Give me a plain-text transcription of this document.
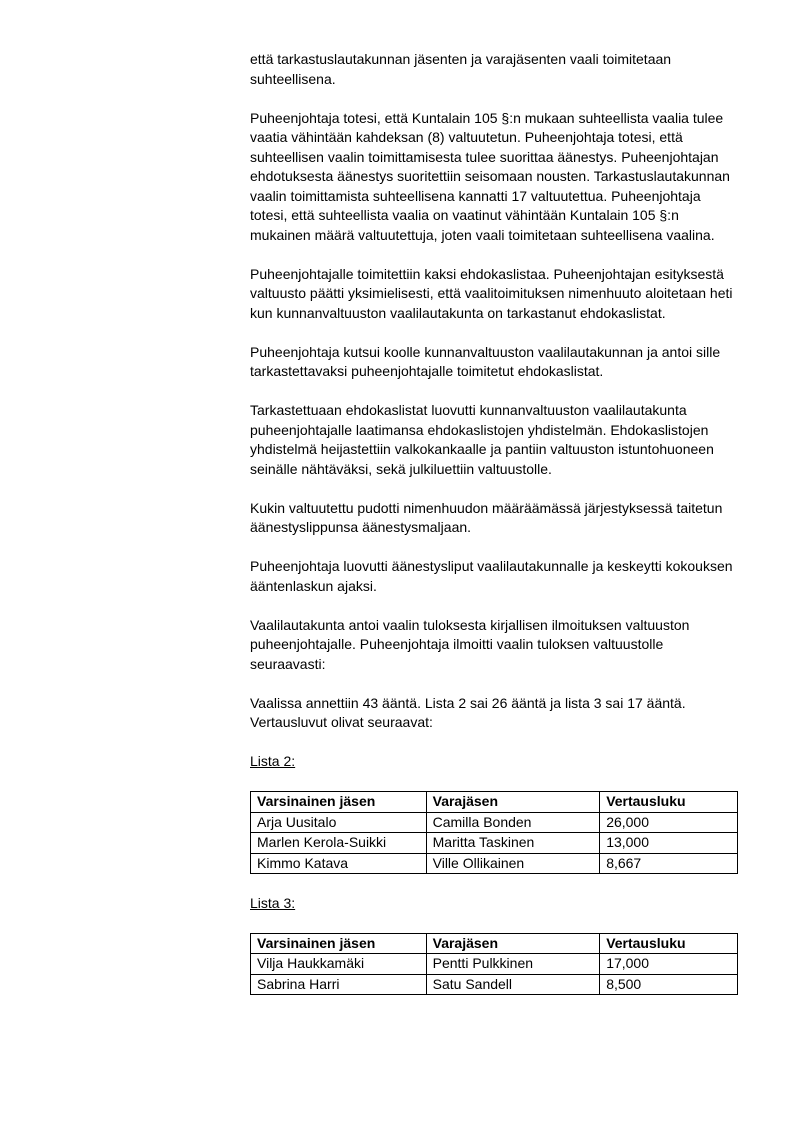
että tarkastuslautakunnan jäsenten ja varajäsenten vaali toimitetaan suhteellisena.

Puheenjohtaja totesi, että Kuntalain 105 §:n mukaan suhteellista vaalia tulee vaatia vähintään kahdeksan (8) valtuutetun. Puheenjohtaja totesi, että suhteellisen vaalin toimittamisesta tulee suorittaa äänestys. Puheenjohtajan ehdotuksesta äänestys suoritettiin seisomaan nousten. Tarkastuslautakunnan vaalin toimittamista suhteellisena kannatti 17 valtuutettua. Puheenjohtaja totesi, että suhteellista vaalia on vaatinut vähintään Kuntalain 105 §:n mukainen määrä valtuutettuja, joten vaali toimitetaan suhteellisena vaalina.

Puheenjohtajalle toimitettiin kaksi ehdokaslistaa. Puheenjohtajan esityksestä valtuusto päätti yksimielisesti, että vaalitoimituksen nimenhuuto aloitetaan heti kun kunnanvaltuuston vaalilautakunta on tarkastanut ehdokaslistat.

Puheenjohtaja kutsui koolle kunnanvaltuuston vaalilautakunnan ja antoi sille tarkastettavaksi puheenjohtajalle toimitetut ehdokaslistat.

Tarkastettuaan ehdokaslistat luovutti kunnanvaltuuston vaalilautakunta puheenjohtajalle laatimansa ehdokaslistojen yhdistelmän. Ehdokaslistojen yhdistelmä heijastettiin valkokankaalle ja pantiin valtuuston istuntohuoneen seinälle nähtäväksi, sekä julkiluettiin valtuustolle.

Kukin valtuutettu pudotti nimenhuudon määräämässä järjestyksessä taitetun äänestyslippunsa äänestysmaljaan.

Puheenjohtaja luovutti äänestysliput vaalilautakunnalle ja keskeytti kokouksen ääntenlaskun ajaksi.

Vaalilautakunta antoi vaalin tuloksesta kirjallisen ilmoituksen valtuuston puheenjohtajalle. Puheenjohtaja ilmoitti vaalin tuloksen valtuustolle seuraavasti:

Vaalissa annettiin 43 ääntä. Lista 2 sai 26 ääntä ja lista 3 sai 17 ääntä. Vertausluvut olivat seuraavat:

Lista 2:
Varsinainen jäsen	Varajäsen	Vertausluku
Arja Uusitalo	Camilla Bonden	26,000
Marlen Kerola-Suikki	Maritta Taskinen	13,000
Kimmo Katava	Ville Ollikainen	8,667
Lista 3:
Varsinainen jäsen	Varajäsen	Vertausluku
Vilja Haukkamäki	Pentti Pulkkinen	17,000
Sabrina Harri	Satu Sandell	8,500
